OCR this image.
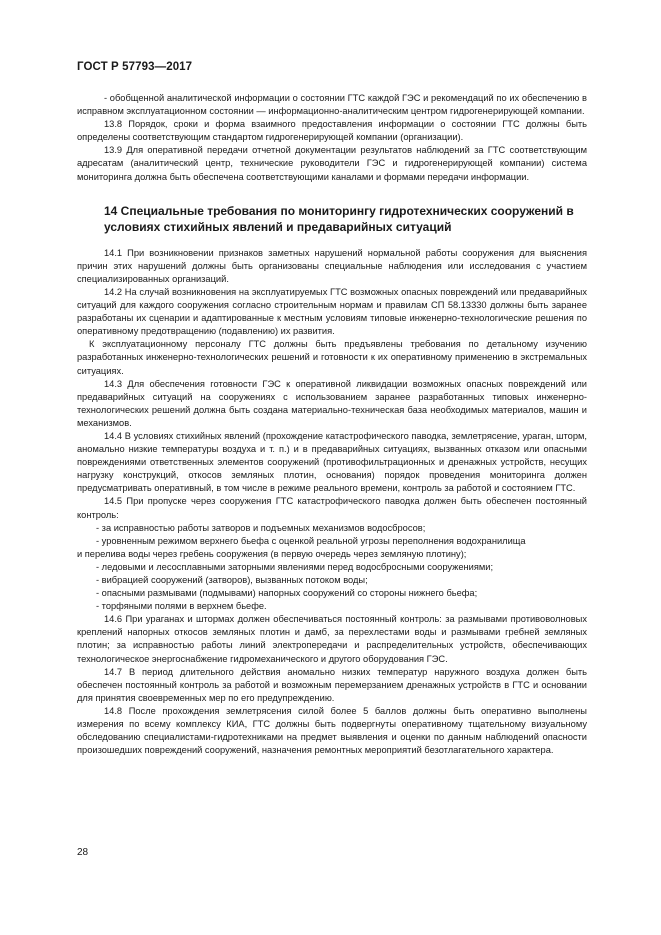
ГОСТ Р 57793—2017

- обобщенной аналитической информации о состоянии ГТС каждой ГЭС и рекомендаций по их обеспечению в исправном эксплуатационном состоянии — информационно-аналитическим центром гидрогенерирующей компании.

13.8 Порядок, сроки и форма взаимного предоставления информации о состоянии ГТС должны быть определены соответствующим стандартом гидрогенерирующей компании (организации).

13.9 Для оперативной передачи отчетной документации результатов наблюдений за ГТС соответствующим адресатам (аналитический центр, технические руководители ГЭС и гидрогенерирующей компании) система мониторинга должна быть обеспечена соответствующими каналами и формами передачи информации.

14 Специальные требования по мониторингу гидротехнических сооружений в условиях стихийных явлений и предаварийных ситуаций

14.1 При возникновении признаков заметных нарушений нормальной работы сооружения для выяснения причин этих нарушений должны быть организованы специальные наблюдения или исследования с участием специализированных организаций.

14.2 На случай возникновения на эксплуатируемых ГТС возможных опасных повреждений или предаварийных ситуаций для каждого сооружения согласно строительным нормам и правилам СП 58.13330 должны быть заранее разработаны их сценарии и адаптированные к местным условиям типовые инженерно-технологические решения по оперативному предотвращению (подавлению) их развития.

К эксплуатационному персоналу ГТС должны быть предъявлены требования по детальному изучению разработанных инженерно-технологических решений и готовности к их оперативному применению в экстремальных ситуациях.

14.3 Для обеспечения готовности ГЭС к оперативной ликвидации возможных опасных повреждений или предаварийных ситуаций на сооружениях с использованием заранее разработанных типовых инженерно-технологических решений должна быть создана материально-техническая база необходимых материалов, машин и механизмов.

14.4 В условиях стихийных явлений (прохождение катастрофического паводка, землетрясение, ураган, шторм, аномально низкие температуры воздуха и т. п.) и в предаварийных ситуациях, вызванных отказом или опасными повреждениями ответственных элементов сооружений (противофильтрационных и дренажных устройств, несущих нагрузку конструкций, откосов земляных плотин, основания) порядок проведения мониторинга должен предусматривать оперативный, в том числе в режиме реального времени, контроль за работой и состоянием ГТС.

14.5 При пропуске через сооружения ГТС катастрофического паводка должен быть обеспечен постоянный контроль:

- за исправностью работы затворов и подъемных механизмов водосбросов;

- уровненным режимом верхнего бьефа с оценкой реальной угрозы переполнения водохранилища

и перелива воды через гребень сооружения (в первую очередь через земляную плотину);

- ледовыми и лесосплавными заторными явлениями перед водосбросными сооружениями;

- вибрацией сооружений (затворов), вызванных потоком воды;

- опасными размывами (подмывами) напорных сооружений со стороны нижнего бьефа;

- торфяными полями в верхнем бьефе.

14.6 При ураганах и штормах должен обеспечиваться постоянный контроль: за размывами противоволновых креплений напорных откосов земляных плотин и дамб, за перехлестами воды и размывами гребней земляных плотин; за исправностью работы линий электропередачи и распределительных устройств, обеспечивающих технологическое энергоснабжение гидромеханического и другого оборудования ГЭС.

14.7 В период длительного действия аномально низких температур наружного воздуха должен быть обеспечен постоянный контроль за работой и возможным перемерзанием дренажных устройств в ГТС и основании для принятия своевременных мер по его предупреждению.

14.8 После прохождения землетрясения силой более 5 баллов должны быть оперативно выполнены измерения по всему комплексу КИА, ГТС должны быть подвергнуты оперативному тщательному визуальному обследованию специалистами-гидротехниками на предмет выявления и оценки по данным наблюдений опасности произошедших повреждений сооружений, назначения ремонтных мероприятий безотлагательного характера.

28
